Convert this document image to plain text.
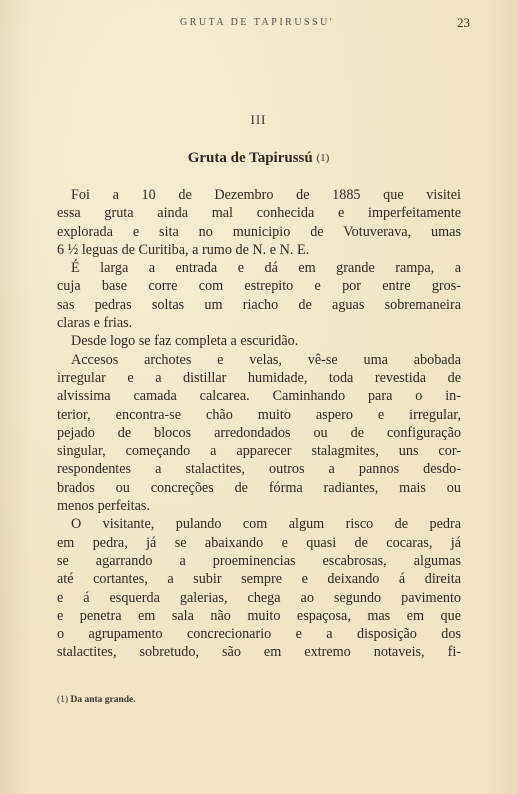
GRUTA DE TAPIRUSSU'	23
III
Gruta de Tapirussú (1)
Foi a 10 de Dezembro de 1885 que visitei
essa gruta ainda mal conhecida e imperfeitamente
explorada e sita no municipio de Votuverava, umas
6 ½ leguas de Curitiba, a rumo de N. e N. E.
É larga a entrada e dá em grande rampa, a
cuja base corre com estrepito e por entre gros-
sas pedras soltas um riacho de aguas sobremaneira
claras e frias.
Desde logo se faz completa a escuridão.
Accesos archotes e velas, vê-se uma abobada
irregular e a distillar humidade, toda revestida de
alvissima camada calcarea. Caminhando para o in-
terior, encontra-se chão muito aspero e irregular,
pejado de blocos arredondados ou de configuração
singular, começando a apparecer stalagmites, uns cor-
respondentes a stalactites, outros a pannos desdo-
brados ou concreções de fórma radiantes, mais ou
menos perfeitas.
O visitante, pulando com algum risco de pedra
em pedra, já se abaixando e quasi de cocaras, já
se agarrando a proeminencias escabrosas, algumas
até cortantes, a subir sempre e deixando á direita
e á esquerda galerias, chega ao segundo pavimento
e penetra em sala não muito espaçosa, mas em que
o agrupamento concrecionario e a disposição dos
stalactites, sobretudo, são em extremo notaveis, fi-
(1) Da anta grande.
